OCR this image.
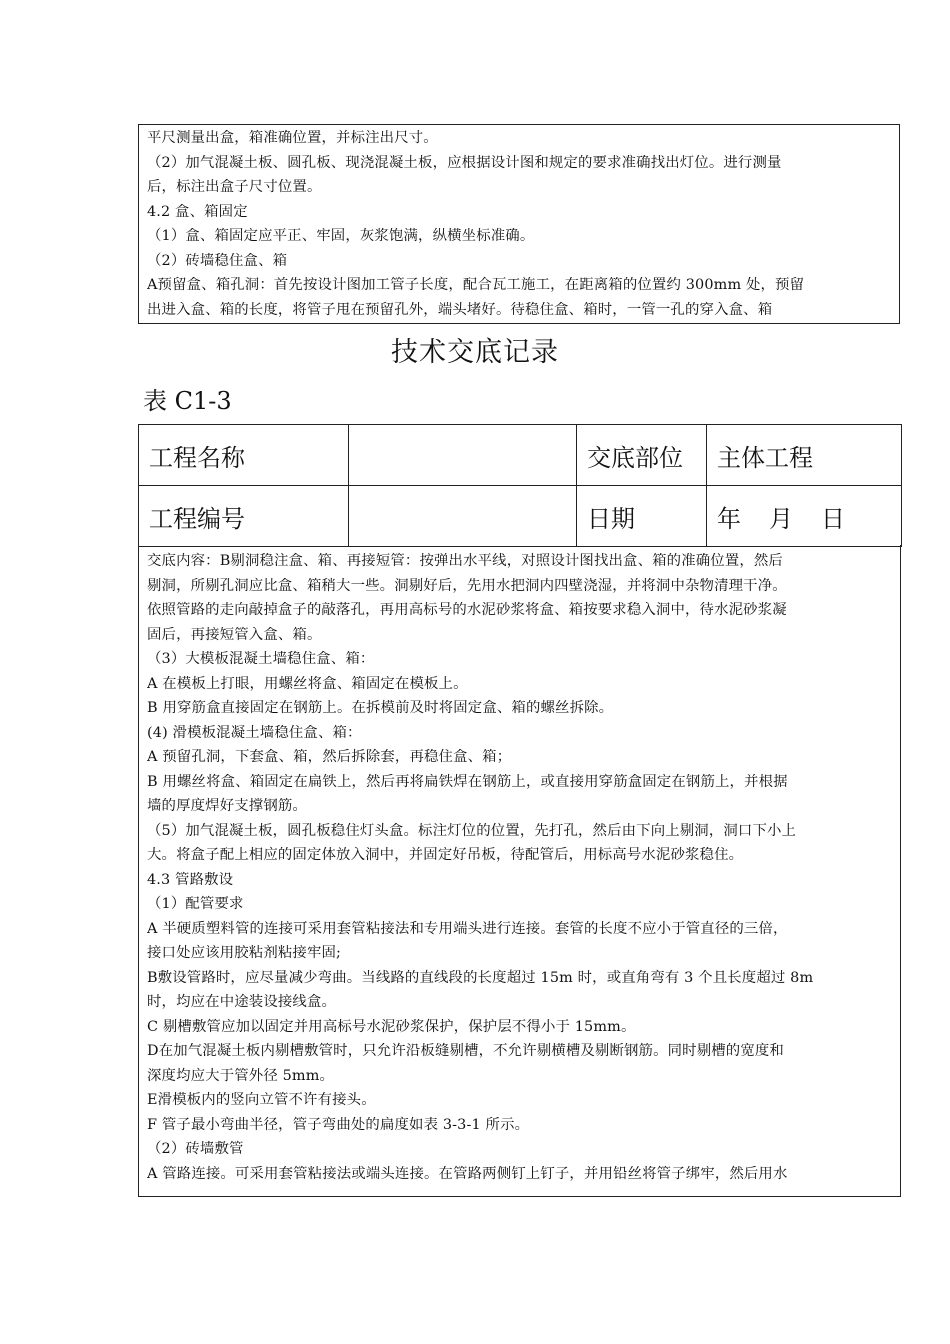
平尺测量出盒，箱准确位置，并标注出尺寸。
（2）加气混凝土板、圆孔板、现浇混凝土板，应根据设计图和规定的要求准确找出灯位。进行测量
后，标注出盒子尺寸位置。
4.2 盒、箱固定
（1）盒、箱固定应平正、牢固，灰浆饱满，纵横坐标准确。
（2）砖墙稳住盒、箱
A预留盒、箱孔洞：首先按设计图加工管子长度，配合瓦工施工，在距离箱的位置约 300mm 处，预留
出进入盒、箱的长度，将管子甩在预留孔外，端头堵好。待稳住盒、箱时，一管一孔的穿入盒、箱
技术交底记录
表 C1-3
工程名称		交底部位	主体工程
工程编号		日期	年 月 日
交底内容：B剔洞稳注盒、箱、再接短管：按弹出水平线，对照设计图找出盒、箱的准确位置，然后
剔洞，所剔孔洞应比盒、箱稍大一些。洞剔好后，先用水把洞内四壁浇湿，并将洞中杂物清理干净。
依照管路的走向敲掉盒子的敲落孔，再用高标号的水泥砂浆将盒、箱按要求稳入洞中，待水泥砂浆凝
固后，再接短管入盒、箱。
（3）大模板混凝土墙稳住盒、箱：
A 在模板上打眼，用螺丝将盒、箱固定在模板上。
B 用穿筋盒直接固定在钢筋上。在拆模前及时将固定盒、箱的螺丝拆除。
(4) 滑模板混凝土墙稳住盒、箱：
A 预留孔洞，下套盒、箱，然后拆除套，再稳住盒、箱；
B 用螺丝将盒、箱固定在扁铁上，然后再将扁铁焊在钢筋上，或直接用穿筋盒固定在钢筋上，并根据
墙的厚度焊好支撑钢筋。
（5）加气混凝土板，圆孔板稳住灯头盒。标注灯位的位置，先打孔，然后由下向上剔洞，洞口下小上
大。将盒子配上相应的固定体放入洞中，并固定好吊板，待配管后，用标高号水泥砂浆稳住。
4.3 管路敷设
（1）配管要求
A 半硬质塑料管的连接可采用套管粘接法和专用端头进行连接。套管的长度不应小于管直径的三倍，
接口处应该用胶粘剂粘接牢固;
B敷设管路时，应尽量减少弯曲。当线路的直线段的长度超过 15m 时，或直角弯有 3 个且长度超过 8m
时，均应在中途装设接线盒。
C 剔槽敷管应加以固定并用高标号水泥砂浆保护，保护层不得小于 15mm。
D在加气混凝土板内剔槽敷管时，只允许沿板缝剔槽，不允许剔横槽及剔断钢筋。同时剔槽的宽度和
深度均应大于管外径 5mm。
E滑模板内的竖向立管不许有接头。
F 管子最小弯曲半径，管子弯曲处的扁度如表 3-3-1 所示。
（2）砖墙敷管
A 管路连接。可采用套管粘接法或端头连接。在管路两侧钉上钉子，并用铅丝将管子绑牢，然后用水
